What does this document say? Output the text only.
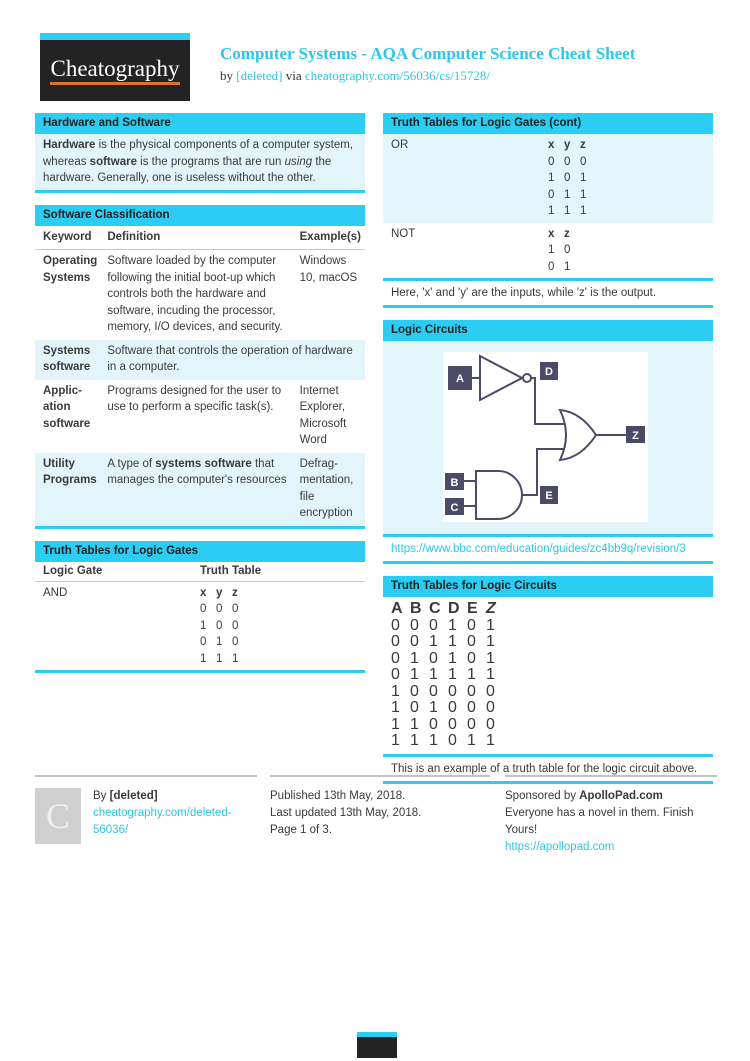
Cheatography
Computer Systems - AQA Computer Science Cheat Sheet
by [deleted] via cheatography.com/56036/cs/15728/
Hardware and Software
Hardware is the physical components of a computer system, whereas software is the programs that are run using the hardware. Generally, one is useless without the other.
Software Classification
Keyword	Definition	Example(s)
Operating Systems	Software loaded by the computer following the initial boot-up which controls both the hardware and software, incuding the processor, memory, I/O devices, and security.	Windows 10, macOS
Systems software	Software that controls the operation of hardware in a computer.	
Applic-ation software	Programs designed for the user to use to perform a specific task(s).	Internet Explorer, Microsoft Word
Utility Programs	A type of systems software that manages the computer's resources	Defrag-mentation, file encryption
Truth Tables for Logic Gates
Logic Gate	Truth Table
AND	x y z
0 0 0
1 0 0
0 1 0
1 1 1
Truth Tables for Logic Gates (cont)
OR	x y z
0 0 0
1 0 1
0 1 1
1 1 1
NOT	x z
1 0
0 1
Here, 'x' and 'y' are the inputs, while 'z' is the output.
Logic Circuits
A
D
B
C
E
Z
https://www.bbc.com/education/guides/zc4bb9q/revision/3
Truth Tables for Logic Circuits
A B C D E Z
0 0 0 1 0 1
0 0 1 1 0 1
0 1 0 1 0 1
0 1 1 1 1 1
1 0 0 0 0 0
1 0 1 0 0 0
1 1 0 0 0 0
1 1 1 0 1 1
This is an example of a truth table for the logic circuit above.
C	By [deleted]
cheatography.com/deleted-
56036/
Published 13th May, 2018.
Last updated 13th May, 2018.
Page 1 of 3.
Sponsored by ApolloPad.com
Everyone has a novel in them. Finish Yours!
https://apollopad.com
